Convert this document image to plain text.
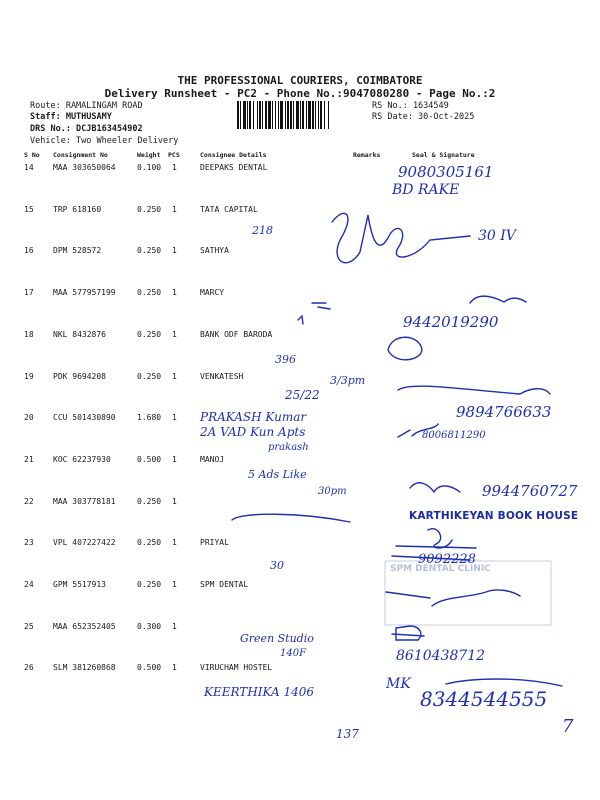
THE PROFESSIONAL COURIERS, COIMBATORE
Delivery Runsheet - PC2 - Phone No.:9047080280 - Page No.:2
Route: RAMALINGAM ROAD
Staff: MUTHUSAMY
DRS No.: DCJB163454902
Vehicle: Two Wheeler Delivery
RS No.: 1634549
RS Date: 30-Oct-2025
S No Consignment No	Weight PCS	Consignee Details	Remarks	Seal & Signature
14 MAA 303650064	0.100 1	DEEPAKS DENTAL
15 TRP 618160	0.250 1	TATA CAPITAL
16 DPM 528572	0.250 1	SATHYA
17 MAA 577957199	0.250 1	MARCY
18 NKL 8432876	0.250 1	BANK ODF BARODA
19 PDK 9694208	0.250 1	VENKATESH
20 CCU 501430890	1.680 1
21 KOC 62237930	0.500 1	MANOJ
22 MAA 303778181	0.250 1
23 VPL 407227422	0.250 1	PRIYAL
24 GPM 5517913	0.250 1	SPM DENTAL
25 MAA 652352405	0.300 1
26 SLM 381260868	0.500 1	VIRUCHAM HOSTEL
SPM DENTAL CLINIC
KARTHIKEYAN BOOK HOUSE
9080305161
BD RAKE
218	30 IV
9442019290
396
3/3pm
25/22
PRAKASH Kumar
2A VAD Kun Apts
prakash
9894766633
8006811290
5 Ads Like
30pm	9944760727
9092228
30
Green Studio
140F	8610438712
KEERTHIKA 1406	MK
8344544555
137	7
